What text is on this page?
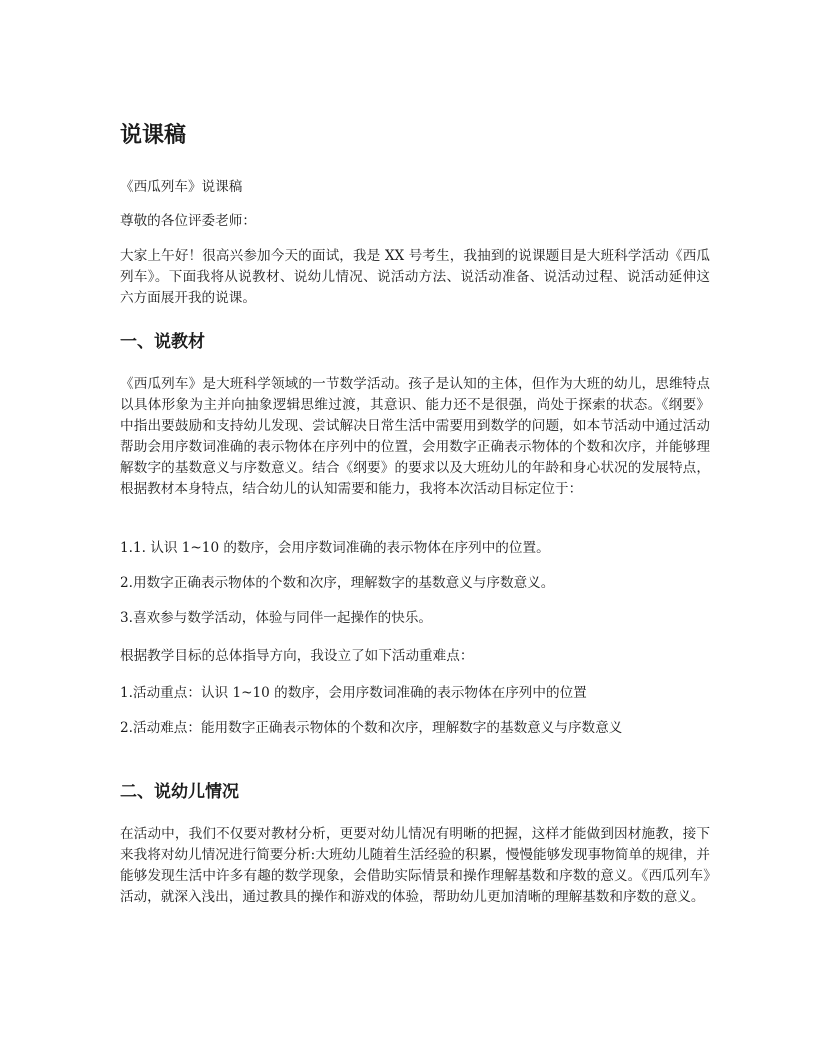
说课稿

《西瓜列车》说课稿

尊敬的各位评委老师：

大家上午好！很高兴参加今天的面试，我是 XX 号考生，我抽到的说课题目是大班科学活动《西瓜列车》。下面我将从说教材、说幼儿情况、说活动方法、说活动准备、说活动过程、说活动延伸这六方面展开我的说课。

一、说教材

《西瓜列车》是大班科学领域的一节数学活动。孩子是认知的主体，但作为大班的幼儿，思维特点以具体形象为主并向抽象逻辑思维过渡，其意识、能力还不是很强，尚处于探索的状态。《纲要》中指出要鼓励和支持幼儿发现、尝试解决日常生活中需要用到数学的问题，如本节活动中通过活动帮助会用序数词准确的表示物体在序列中的位置，会用数字正确表示物体的个数和次序，并能够理解数字的基数意义与序数意义。结合《纲要》的要求以及大班幼儿的年龄和身心状况的发展特点，根据教材本身特点，结合幼儿的认知需要和能力，我将本次活动目标定位于：

1.1. 认识 1~10 的数序，会用序数词准确的表示物体在序列中的位置。

2.用数字正确表示物体的个数和次序，理解数字的基数意义与序数意义。

3.喜欢参与数学活动，体验与同伴一起操作的快乐。

根据教学目标的总体指导方向，我设立了如下活动重难点：

1.活动重点：认识 1~10 的数序，会用序数词准确的表示物体在序列中的位置

2.活动难点：能用数字正确表示物体的个数和次序，理解数字的基数意义与序数意义

二、说幼儿情况

在活动中，我们不仅要对教材分析，更要对幼儿情况有明晰的把握，这样才能做到因材施教，接下来我将对幼儿情况进行简要分析:大班幼儿随着生活经验的积累，慢慢能够发现事物简单的规律，并能够发现生活中许多有趣的数学现象，会借助实际情景和操作理解基数和序数的意义。《西瓜列车》活动，就深入浅出，通过教具的操作和游戏的体验，帮助幼儿更加清晰的理解基数和序数的意义。
